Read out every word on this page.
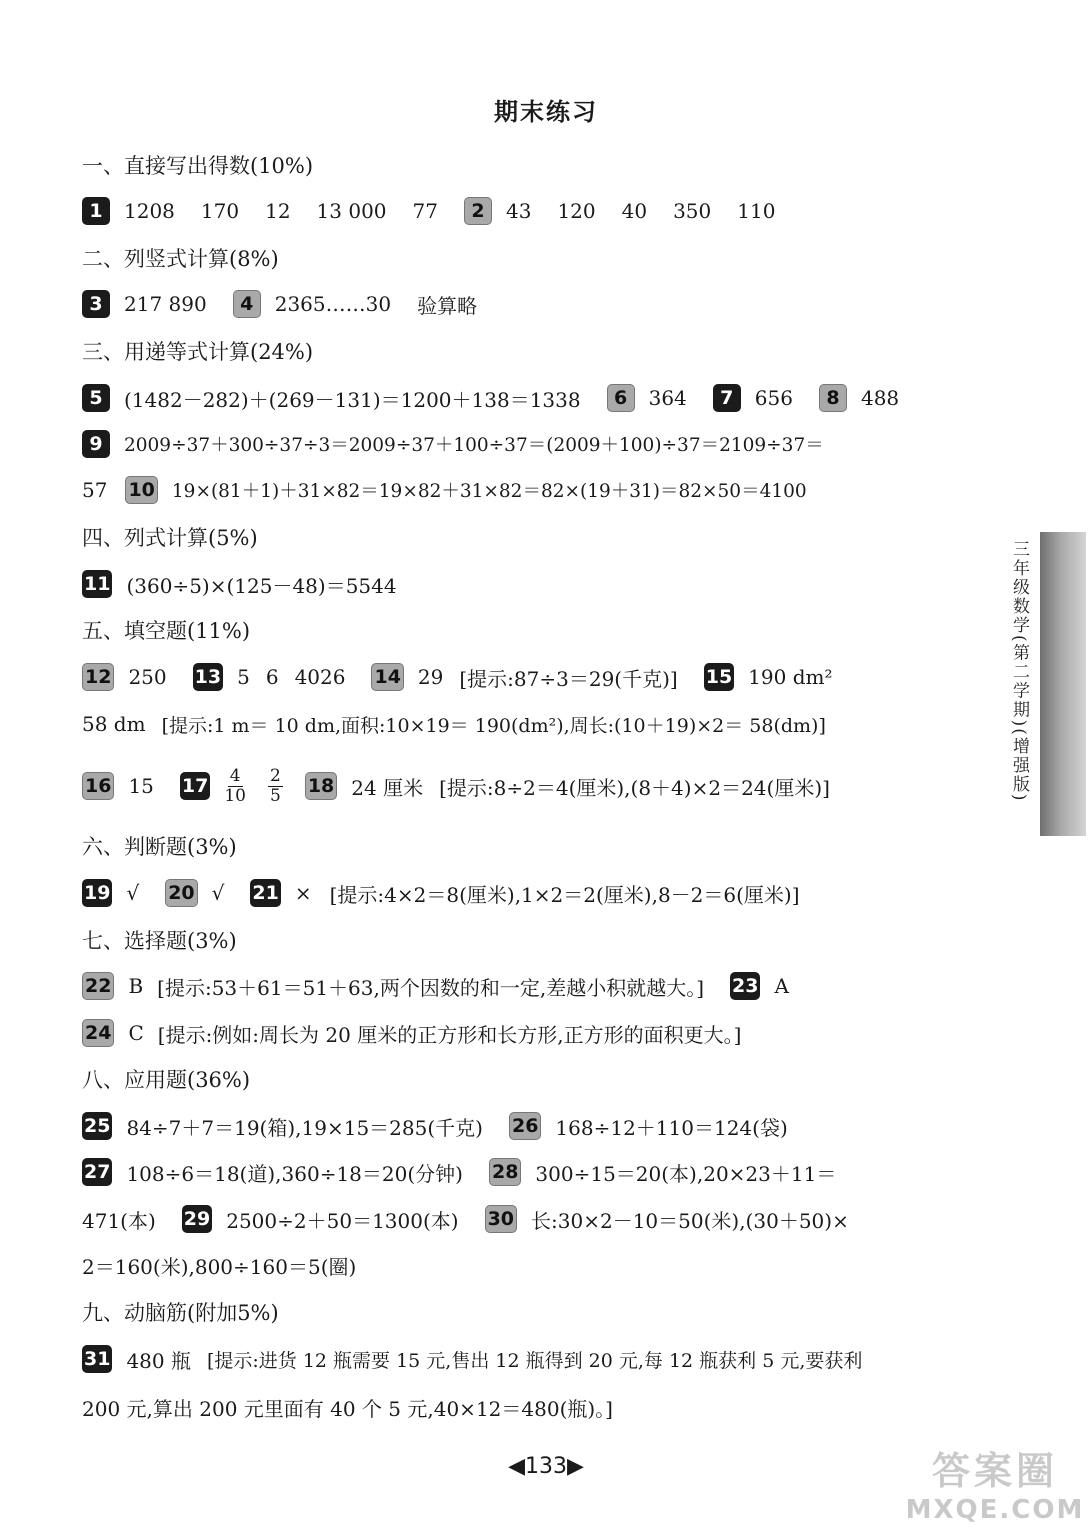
期末练习
一、直接写出得数(10%)
1	1208 170 12 13 000 77	2	43 120 40 350 110
二、列竖式计算(8%)
3	217 890	4	2365……30 验算略
三、用递等式计算(24%)
5	(1482－282)＋(269－131)＝1200＋138＝1338	6	364	7	656	8	488
9	2009÷37＋300÷37÷3＝2009÷37＋100÷37＝(2009＋100)÷37＝2109÷37＝
57 10 19×(81＋1)＋31×82＝19×82＋31×82＝82×(19＋31)＝82×50＝4100
四、列式计算(5%)
11 (360÷5)×(125－48)＝5544
五、填空题(11%)
12 250 13 5 6 4026 14 29 [提示:87÷3＝29(千克)] 15 190 dm²
58 dm [提示:1 m＝ 10 dm,面积:10×19＝ 190(dm²),周长:(10＋19)×2＝ 58(dm)]
16 15 $17 \frac{4}{10} \frac{2}{5} 18$ 24 厘米 [提示:8÷2＝4(厘米),(8＋4)×2＝24(厘米)]
六、判断题(3%)
19 √ 20 √ 21 × [提示:4×2＝8(厘米),1×2＝2(厘米),8－2＝6(厘米)]
七、选择题(3%)
22 B [提示:53＋61＝51＋63,两个因数的和一定,差越小积就越大。] 23 A
24 C [提示:例如:周长为 20 厘米的正方形和长方形,正方形的面积更大。]
八、应用题(36%)
25 84÷7＋7＝19(箱),19×15＝285(千克) 26 168÷12＋110＝124(袋)
27 108÷6＝18(道),360÷18＝20(分钟) 28 300÷15＝20(本),20×23＋11＝
471(本) 29 2500÷2＋50＝1300(本) 30 长:30×2－10＝50(米),(30＋50)×
2＝160(米),800÷160＝5(圈)
九、动脑筋(附加5%)
31 480 瓶 [提示:进货 12 瓶需要 15 元,售出 12 瓶得到 20 元,每 12 瓶获利 5 元,要获利
200 元,算出 200 元里面有 40 个 5 元,40×12＝480(瓶)。]
三年级数学(第二学期)(增强版)
◀133▶	答案圈
MXQE.COM
